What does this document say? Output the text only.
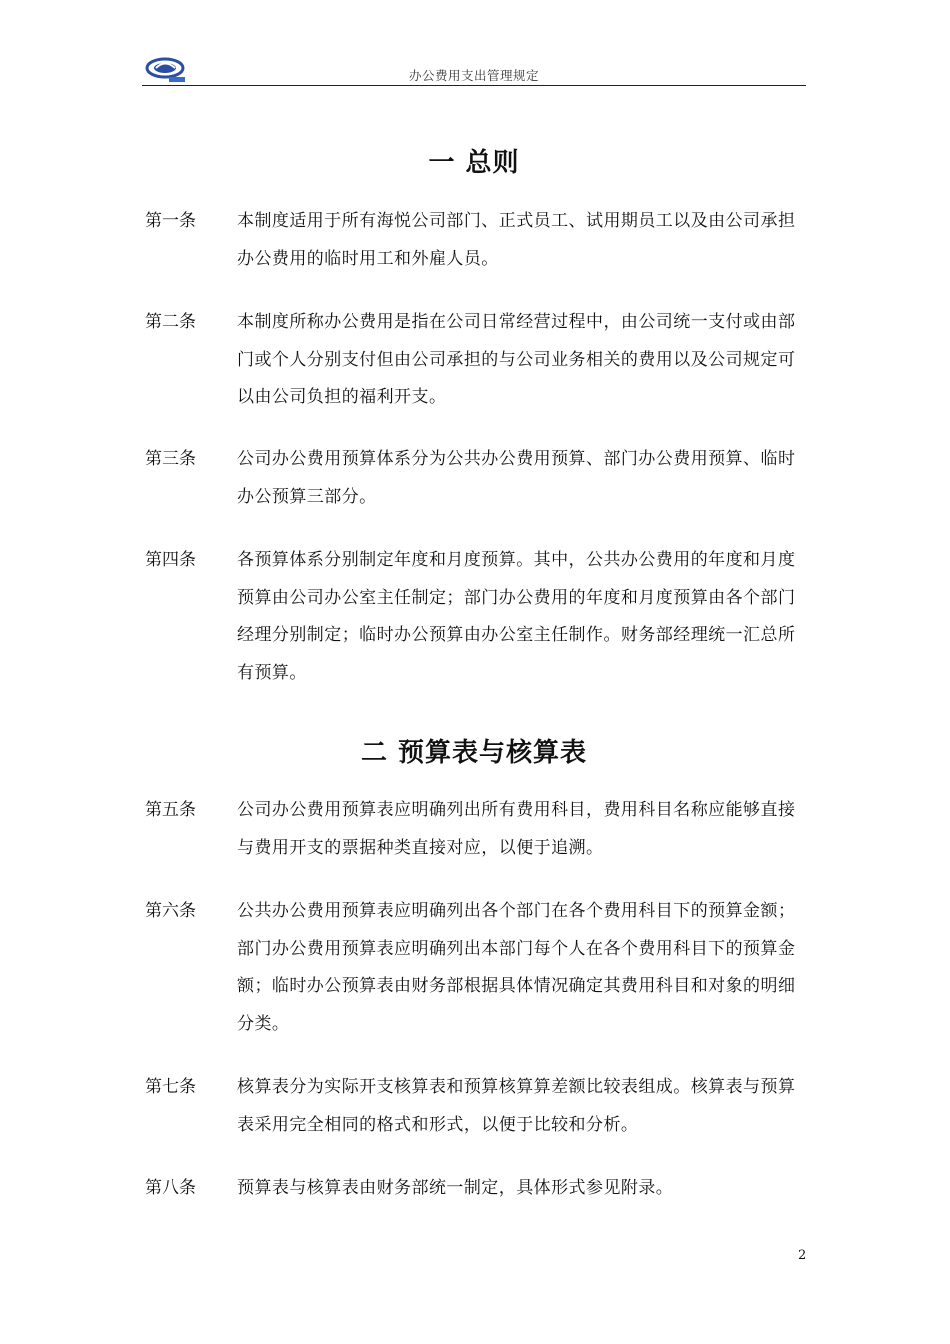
办公费用支出管理规定
一 总则
第一条	本制度适用于所有海悦公司部门、正式员工、试用期员工以及由公司承担办公费用的临时用工和外雇人员。
第二条	本制度所称办公费用是指在公司日常经营过程中，由公司统一支付或由部门或个人分别支付但由公司承担的与公司业务相关的费用以及公司规定可以由公司负担的福利开支。
第三条	公司办公费用预算体系分为公共办公费用预算、部门办公费用预算、临时办公预算三部分。
第四条	各预算体系分别制定年度和月度预算。其中，公共办公费用的年度和月度预算由公司办公室主任制定；部门办公费用的年度和月度预算由各个部门经理分别制定；临时办公预算由办公室主任制作。财务部经理统一汇总所有预算。
二 预算表与核算表
第五条	公司办公费用预算表应明确列出所有费用科目，费用科目名称应能够直接与费用开支的票据种类直接对应，以便于追溯。
第六条	公共办公费用预算表应明确列出各个部门在各个费用科目下的预算金额；部门办公费用预算表应明确列出本部门每个人在各个费用科目下的预算金额；临时办公预算表由财务部根据具体情况确定其费用科目和对象的明细分类。
第七条	核算表分为实际开支核算表和预算核算算差额比较表组成。核算表与预算表采用完全相同的格式和形式，以便于比较和分析。
第八条	预算表与核算表由财务部统一制定，具体形式参见附录。
2
